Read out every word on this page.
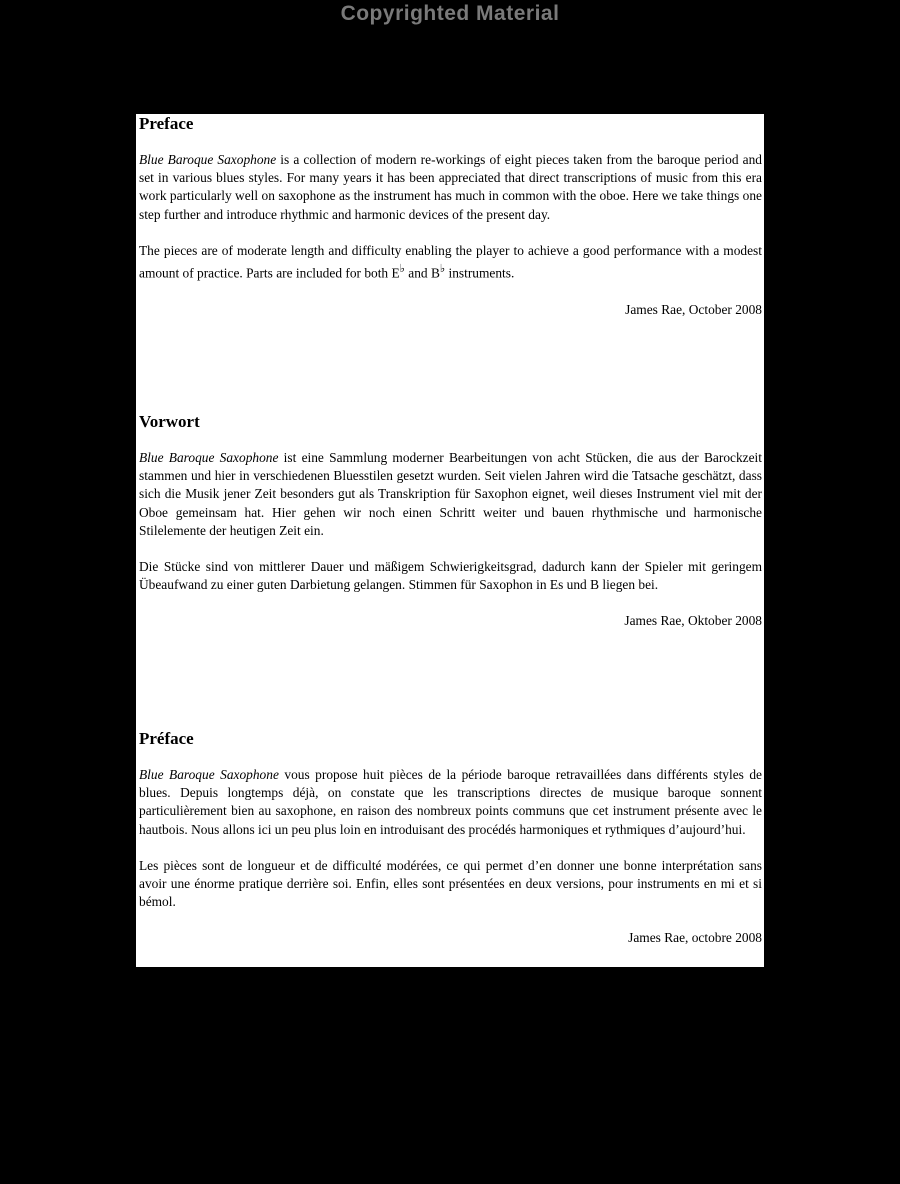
Copyrighted Material
Preface

Blue Baroque Saxophone is a collection of modern re-workings of eight pieces taken from the baroque period and set in various blues styles. For many years it has been appreciated that direct transcriptions of music from this era work particularly well on saxophone as the instrument has much in common with the oboe. Here we take things one step further and introduce rhythmic and harmonic devices of the present day.

The pieces are of moderate length and difficulty enabling the player to achieve a good performance with a modest amount of practice. Parts are included for both E♭ and B♭ instruments.

James Rae, October 2008
Vorwort

Blue Baroque Saxophone ist eine Sammlung moderner Bearbeitungen von acht Stücken, die aus der Barockzeit stammen und hier in verschiedenen Bluesstilen gesetzt wurden. Seit vielen Jahren wird die Tatsache geschätzt, dass sich die Musik jener Zeit besonders gut als Transkription für Saxophon eignet, weil dieses Instrument viel mit der Oboe gemeinsam hat. Hier gehen wir noch einen Schritt weiter und bauen rhythmische und harmonische Stilelemente der heutigen Zeit ein.

Die Stücke sind von mittlerer Dauer und mäßigem Schwierigkeitsgrad, dadurch kann der Spieler mit geringem Übeaufwand zu einer guten Darbietung gelangen. Stimmen für Saxophon in Es und B liegen bei.

James Rae, Oktober 2008
Préface

Blue Baroque Saxophone vous propose huit pièces de la période baroque retravaillées dans différents styles de blues. Depuis longtemps déjà, on constate que les transcriptions directes de musique baroque sonnent particulièrement bien au saxophone, en raison des nombreux points communs que cet instrument présente avec le hautbois. Nous allons ici un peu plus loin en introduisant des procédés harmoniques et rythmiques d’aujourd’hui.

Les pièces sont de longueur et de difficulté modérées, ce qui permet d’en donner une bonne interprétation sans avoir une énorme pratique derrière soi. Enfin, elles sont présentées en deux versions, pour instruments en mi et si bémol.

James Rae, octobre 2008
